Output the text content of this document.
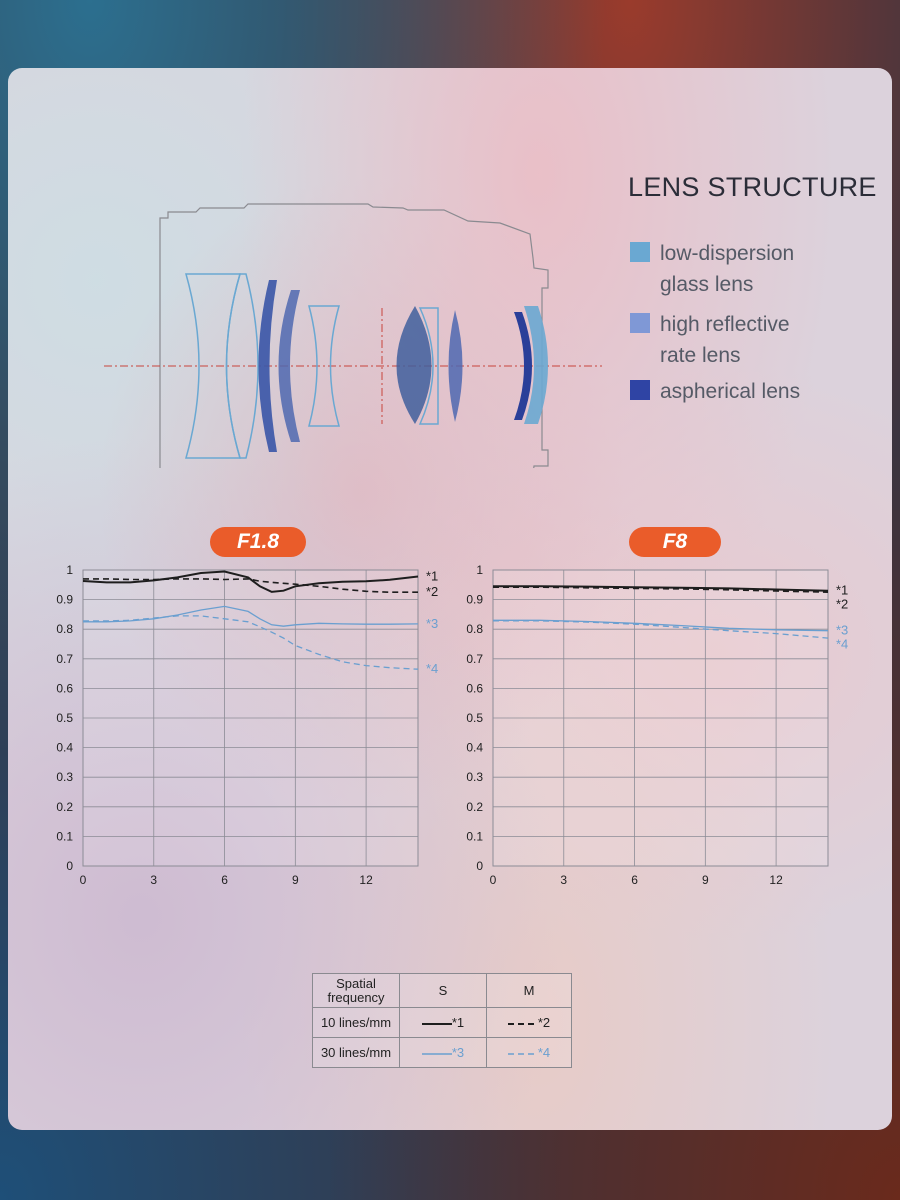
LENS STRUCTURE
low-dispersion
glass lens
high reflective
rate lens
aspherical lens
F1.8	F8
0
0.1
0.2
0.3
0.4
0.5
0.6
0.7
0.8
0.9
1
0	3	6	9	12
*1
*2
*3
*4
0
0.1
0.2
0.3
0.4
0.5
0.6
0.7
0.8
0.9
1
0	3	6	9	12
*1
*2
*3
*4
Spatial
frequency	S	M
10 lines/mm	*1	*2
30 lines/mm	*3	*4
